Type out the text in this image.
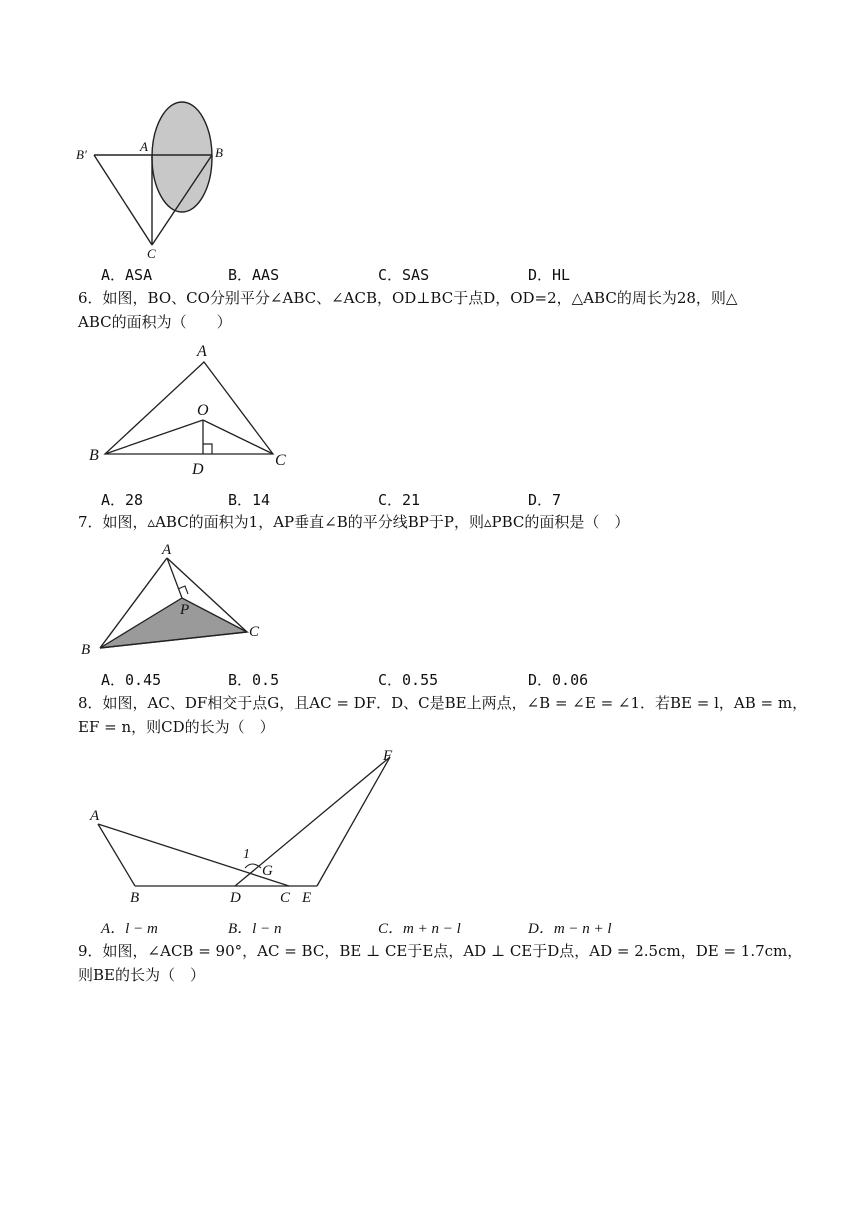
B′
A	B
C
A．ASA	B．AAS	C．SAS	D．HL

6．如图，BO、CO分别平分∠ABC、∠ACB，OD⊥BC于点D，OD=2，△ABC的周长为28，则△

ABC的面积为（　　）

A
O
B
D
C
A．28	B．14	C．21	D．7

7．如图，▵ABC的面积为1，AP垂直∠B的平分线BP于P，则▵PBC的面积是（　）

A
P
B
C
A．0.45	B．0.5	C．0.55	D．0.06

8．如图，AC、DF相交于点G，且AC = DF．D、C是BE上两点，∠B = ∠E = ∠1．若BE = l，AB = m，

EF = n，则CD的长为（　）

F
A
1
G
B	D	C E
A．l − m	B．l − n	C．m + n − l	D．m − n + l

9．如图，∠ACB = 90°，AC = BC，BE ⊥ CE于E点，AD ⊥ CE于D点，AD = 2.5cm，DE = 1.7cm，

则BE的长为（　）
